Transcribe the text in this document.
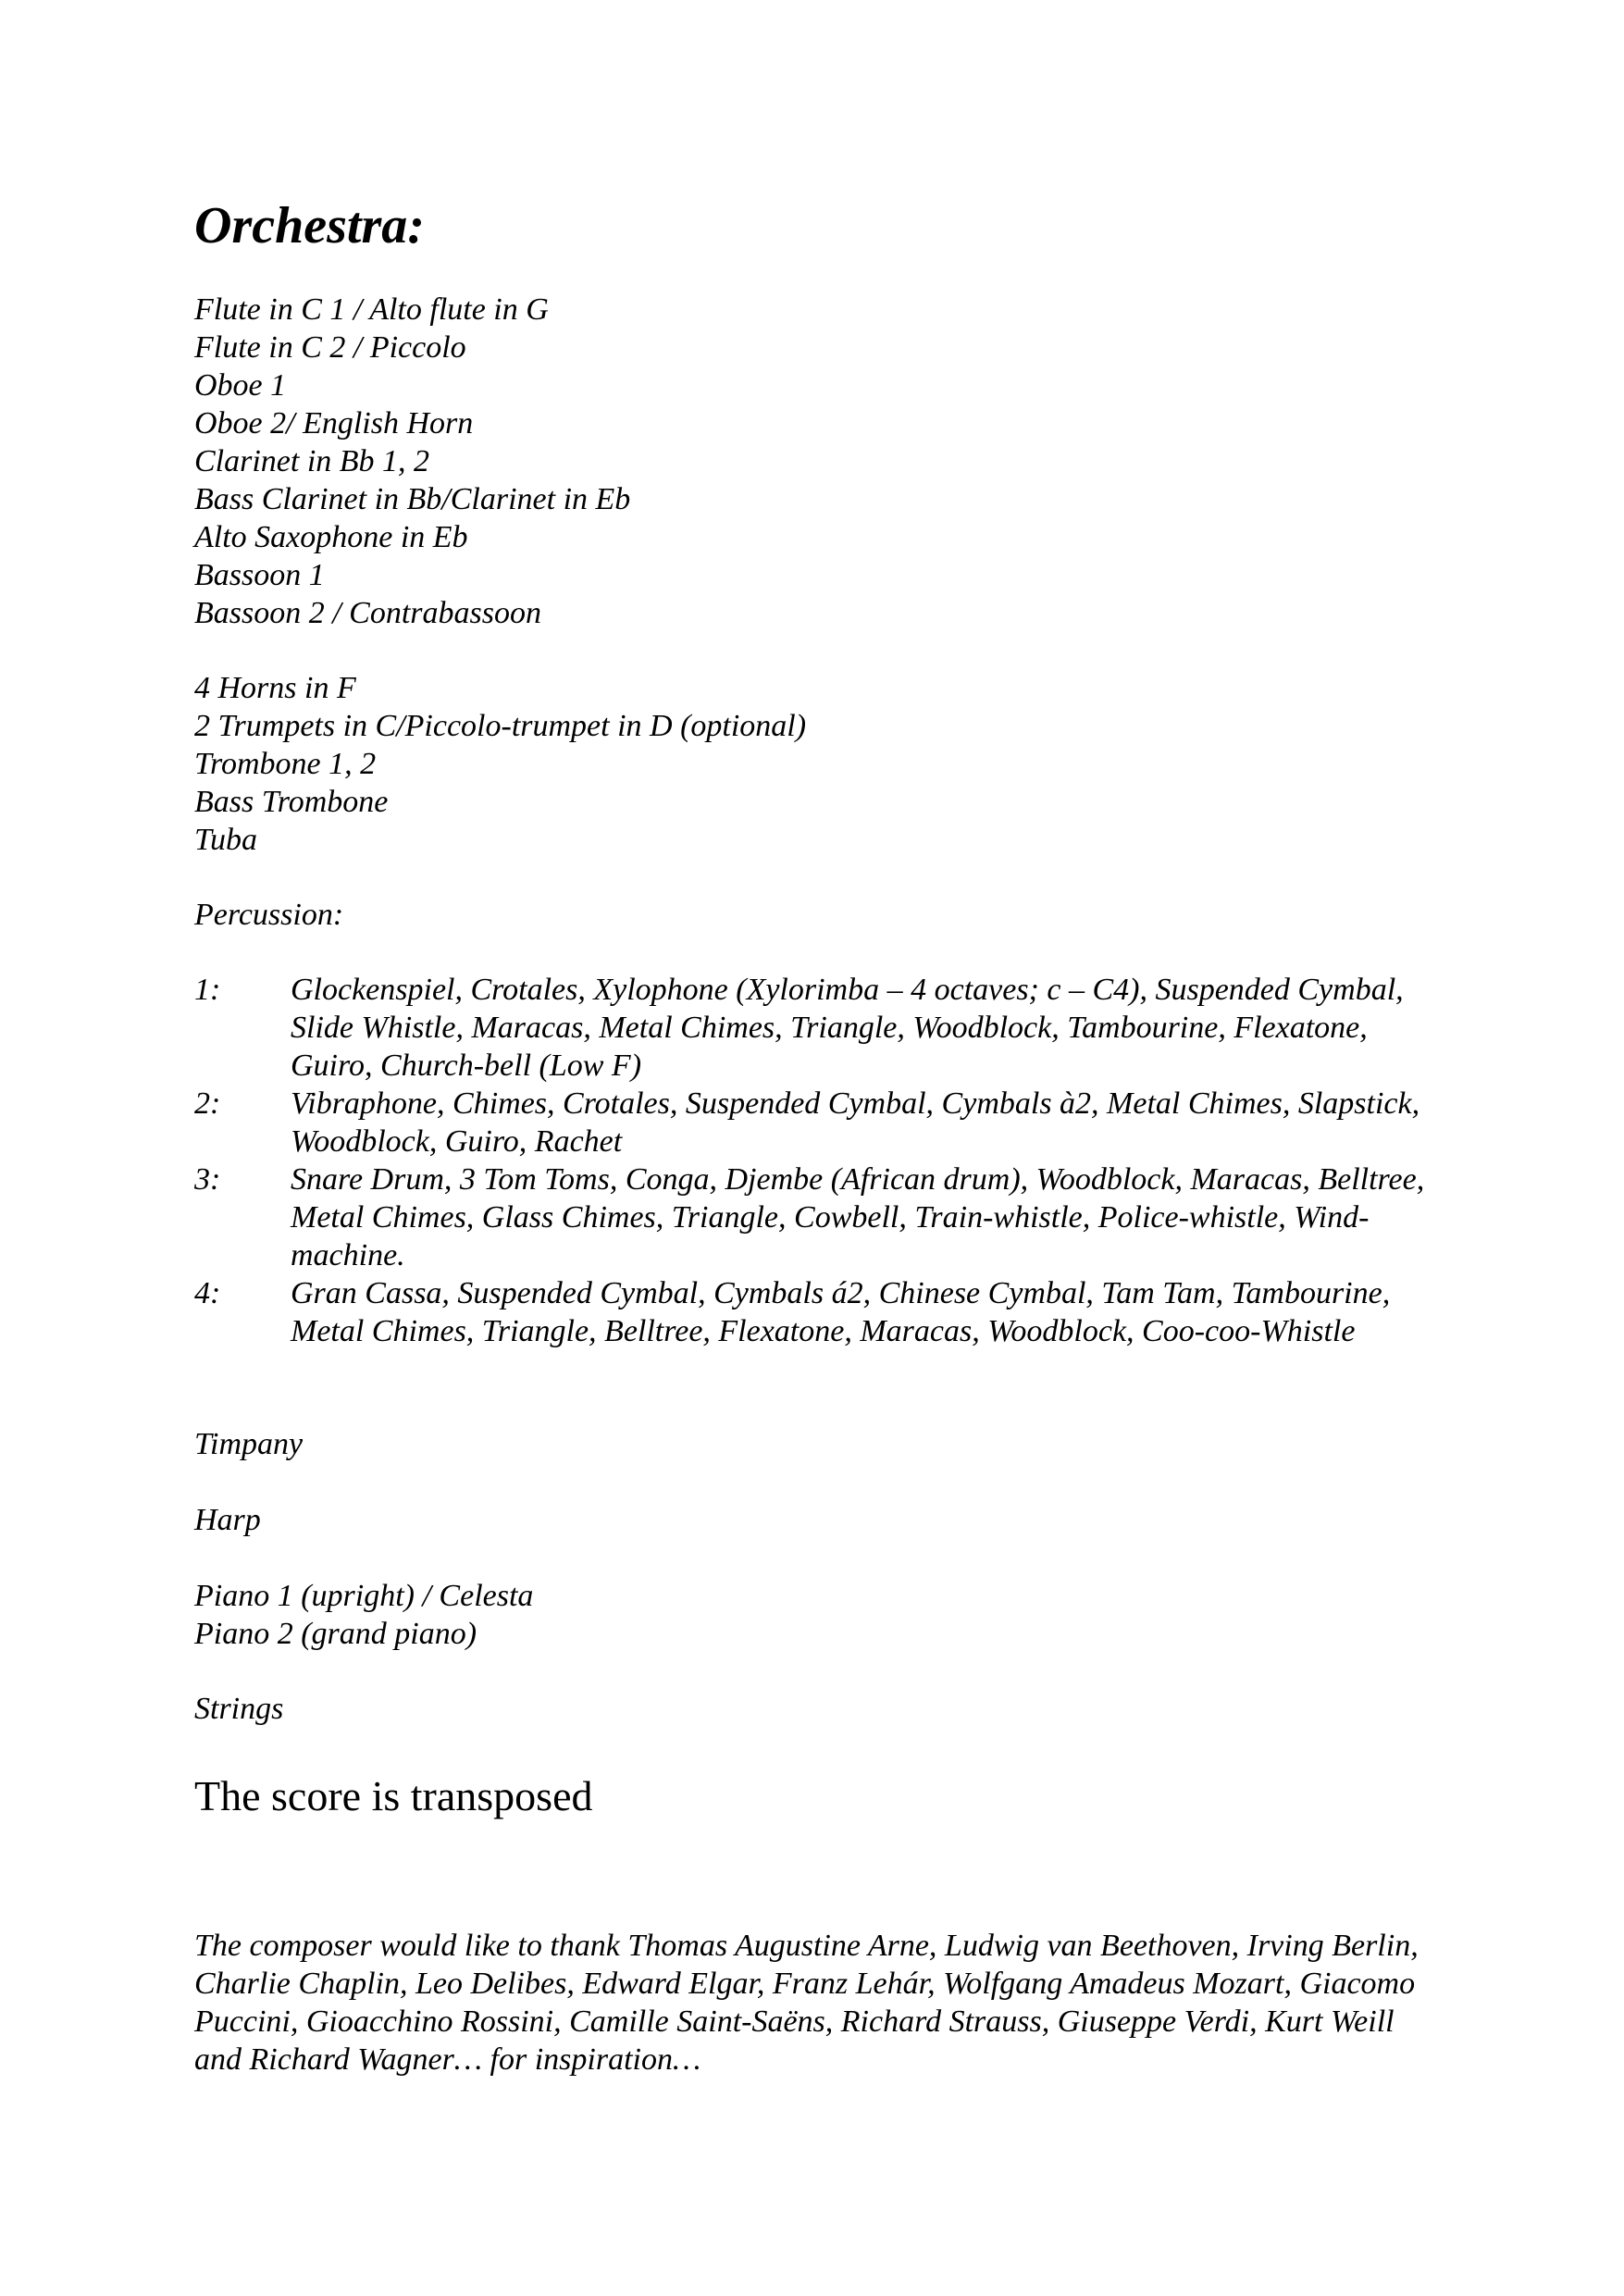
Orchestra:
Flute in C 1 / Alto flute in G
Flute in C 2 / Piccolo
Oboe 1
Oboe 2/ English Horn
Clarinet in Bb 1, 2
Bass Clarinet in Bb/Clarinet in Eb
Alto Saxophone in Eb
Bassoon 1
Bassoon 2 / Contrabassoon
4 Horns in F
2 Trumpets in C/Piccolo-trumpet in D (optional)
Trombone 1, 2
Bass Trombone
Tuba

Percussion:

1:	Glockenspiel, Crotales, Xylophone (Xylorimba – 4 octaves; c – C4), Suspended Cymbal, Slide Whistle, Maracas, Metal Chimes, Triangle, Woodblock, Tambourine, Flexatone, Guiro, Church-bell (Low F)
2:	Vibraphone, Chimes, Crotales, Suspended Cymbal, Cymbals à2, Metal Chimes, Slapstick, Woodblock, Guiro, Rachet
3:	Snare Drum, 3 Tom Toms, Conga, Djembe (African drum), Woodblock, Maracas, Belltree, Metal Chimes, Glass Chimes, Triangle, Cowbell, Train-whistle, Police-whistle, Wind-machine.
4:	Gran Cassa, Suspended Cymbal, Cymbals á2, Chinese Cymbal, Tam Tam, Tambourine, Metal Chimes, Triangle, Belltree, Flexatone, Maracas, Woodblock, Coo-coo-Whistle

Timpany

Harp

Piano 1 (upright) / Celesta
Piano 2 (grand piano)

Strings

The score is transposed

The composer would like to thank Thomas Augustine Arne, Ludwig van Beethoven, Irving Berlin, Charlie Chaplin, Leo Delibes, Edward Elgar, Franz Lehár, Wolfgang Amadeus Mozart, Giacomo Puccini, Gioacchino Rossini, Camille Saint-Saëns, Richard Strauss, Giuseppe Verdi, Kurt Weill and Richard Wagner… for inspiration…
